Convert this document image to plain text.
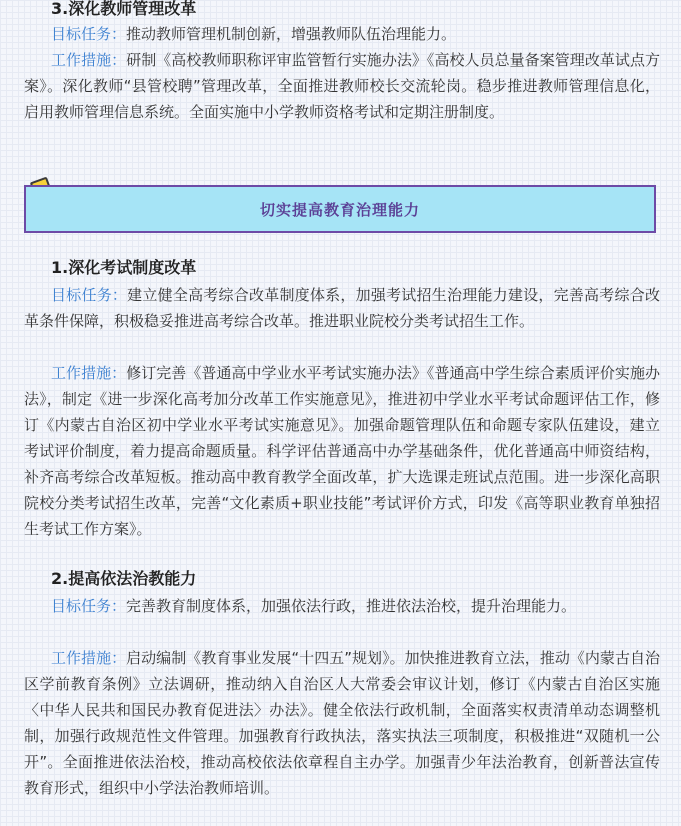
3.深化教师管理改革

目标任务：推动教师管理机制创新，增强教师队伍治理能力。

工作措施：研制《高校教师职称评审监管暂行实施办法》《高校人员总量备案管理改革试点方案》。深化教师“县管校聘”管理改革，全面推进教师校长交流轮岗。稳步推进教师管理信息化，启用教师管理信息系统。全面实施中小学教师资格考试和定期注册制度。

切实提高教育治理能力
1.深化考试制度改革

目标任务：建立健全高考综合改革制度体系，加强考试招生治理能力建设，完善高考综合改革条件保障，积极稳妥推进高考综合改革。推进职业院校分类考试招生工作。

工作措施：修订完善《普通高中学业水平考试实施办法》《普通高中学生综合素质评价实施办法》，制定《进一步深化高考加分改革工作实施意见》，推进初中学业水平考试命题评估工作，修订《内蒙古自治区初中学业水平考试实施意见》。加强命题管理队伍和命题专家队伍建设，建立考试评价制度，着力提高命题质量。科学评估普通高中办学基础条件，优化普通高中师资结构，补齐高考综合改革短板。推动高中教育教学全面改革，扩大选课走班试点范围。进一步深化高职院校分类考试招生改革，完善“文化素质+职业技能”考试评价方式，印发《高等职业教育单独招生考试工作方案》。

2.提高依法治教能力

目标任务：完善教育制度体系，加强依法行政，推进依法治校，提升治理能力。

工作措施：启动编制《教育事业发展“十四五”规划》。加快推进教育立法，推动《内蒙古自治区学前教育条例》立法调研，推动纳入自治区人大常委会审议计划，修订《内蒙古自治区实施〈中华人民共和国民办教育促进法〉办法》。健全依法行政机制，全面落实权责清单动态调整机制，加强行政规范性文件管理。加强教育行政执法，落实执法三项制度，积极推进“双随机一公开”。全面推进依法治校，推动高校依法依章程自主办学。加强青少年法治教育，创新普法宣传教育形式，组织中小学法治教师培训。
